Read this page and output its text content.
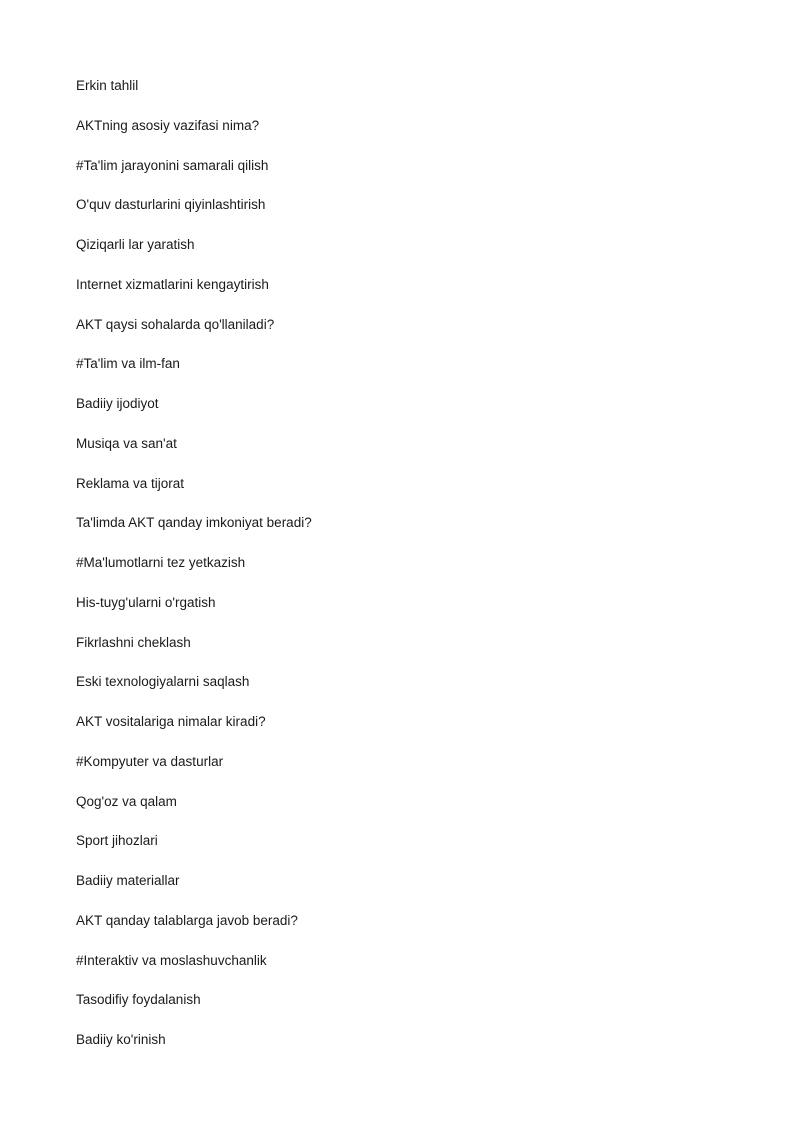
Erkin tahlil
AKTning asosiy vazifasi nima?
#Ta'lim jarayonini samarali qilish
O'quv dasturlarini qiyinlashtirish
Qiziqarli lar yaratish
Internet xizmatlarini kengaytirish
AKT qaysi sohalarda qo'llaniladi?
#Ta'lim va ilm-fan
Badiiy ijodiyot
Musiqa va san'at
Reklama va tijorat
Ta'limda AKT qanday imkoniyat beradi?
#Ma'lumotlarni tez yetkazish
His-tuyg'ularni o'rgatish
Fikrlashni cheklash
Eski texnologiyalarni saqlash
AKT vositalariga nimalar kiradi?
#Kompyuter va dasturlar
Qog'oz va qalam
Sport jihozlari
Badiiy materiallar
AKT qanday talablarga javob beradi?
#Interaktiv va moslashuvchanlik
Tasodifiy foydalanish
Badiiy ko'rinish
